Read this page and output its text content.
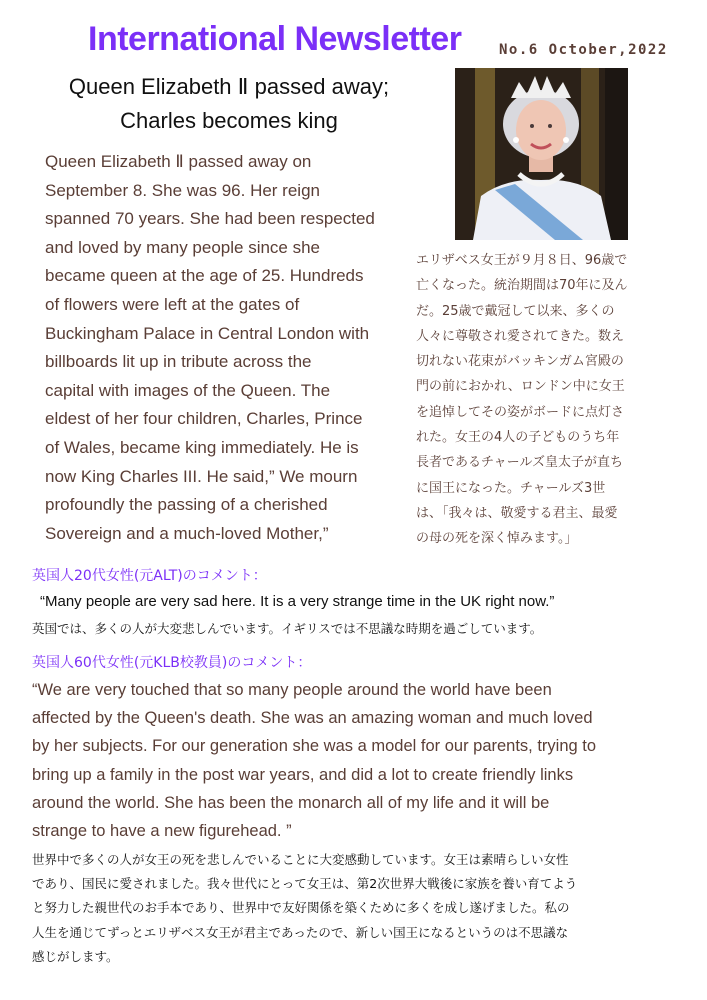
International Newsletter	No.6 October,2022
Queen Elizabeth Ⅱ passed away;
Charles becomes king
Queen Elizabeth Ⅱ passed away on
September 8. She was 96. Her reign
spanned 70 years. She had been respected
and loved by many people since she
became queen at the age of 25. Hundreds
of flowers were left at the gates of
Buckingham Palace in Central London with
billboards lit up in tribute across the
capital with images of the Queen. The
eldest of her four children, Charles, Prince
of Wales, became king immediately. He is
now King Charles III. He said,” We mourn
profoundly the passing of a cherished
Sovereign and a much-loved Mother,”
エリザベス女王が９月８日、96歳で
亡くなった。統治期間は70年に及ん
だ。25歳で戴冠して以来、多くの
人々に尊敬され愛されてきた。数え
切れない花束がバッキンガム宮殿の
門の前におかれ、ロンドン中に女王
を追悼してその姿がボードに点灯さ
れた。女王の4人の子どものうち年
長者であるチャールズ皇太子が直ち
に国王になった。チャールズ3世
は、「我々は、敬愛する君主、最愛
の母の死を深く悼みます。」
英国人20代女性(元ALT)のコメント：
“Many people are very sad here. It is a very strange time in the UK right now.”
英国では、多くの人が大変悲しんでいます。イギリスでは不思議な時期を過ごしています。
英国人60代女性(元KLB校教員)のコメント：
“We are very touched that so many people around the world have been
affected by the Queen's death. She was an amazing woman and much loved
by her subjects. For our generation she was a model for our parents, trying to
bring up a family in the post war years, and did a lot to create friendly links
around the world. She has been the monarch all of my life and it will be
strange to have a new figurehead. ”
世界中で多くの人が女王の死を悲しんでいることに大変感動しています。女王は素晴らしい女性
であり、国民に愛されました。我々世代にとって女王は、第2次世界大戦後に家族を養い育てよう
と努力した親世代のお手本であり、世界中で友好関係を築くために多くを成し遂げました。私の
人生を通じてずっとエリザベス女王が君主であったので、新しい国王になるというのは不思議な
感じがします。
